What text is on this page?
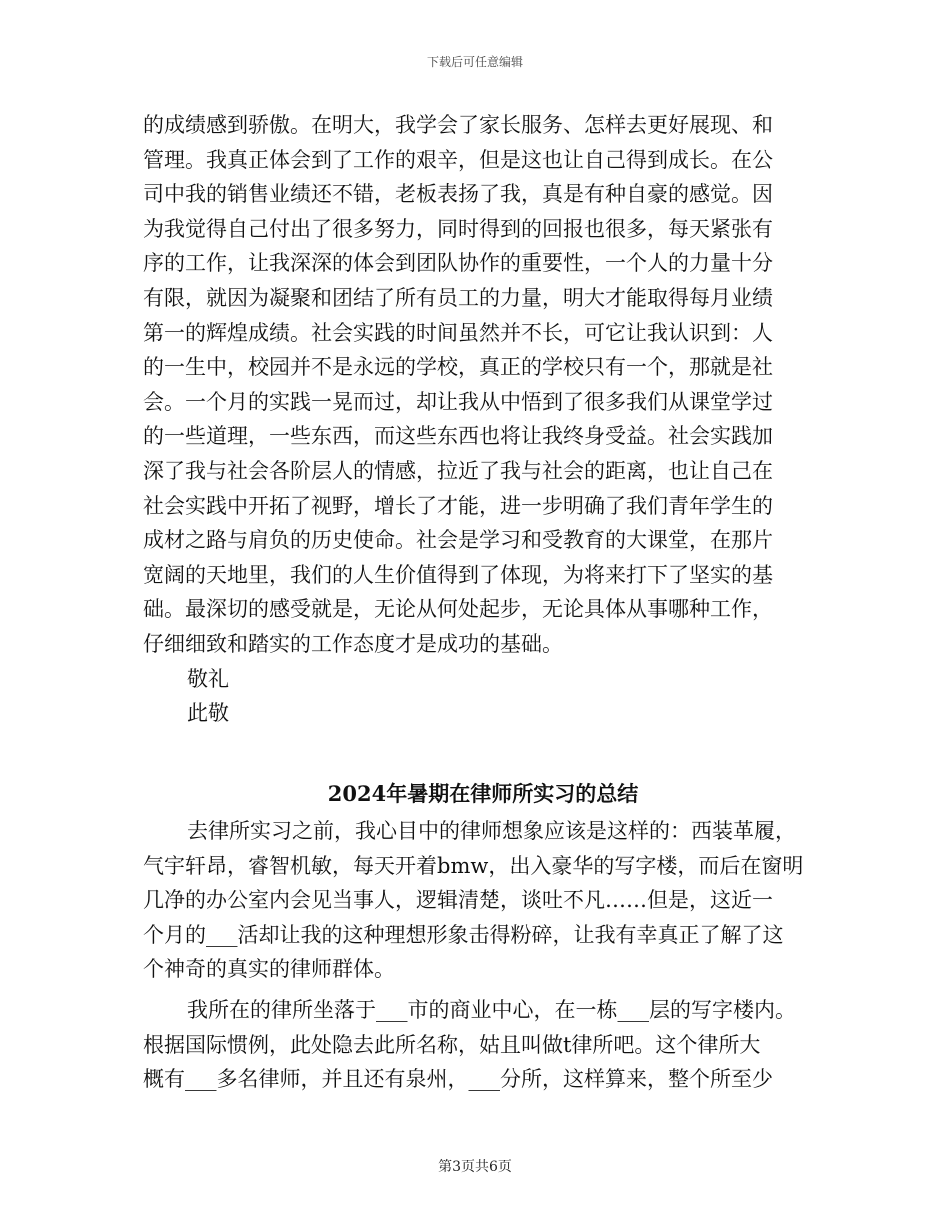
下载后可任意编辑
的成绩感到骄傲。在明大，我学会了家长服务、怎样去更好展现、和
管理。我真正体会到了工作的艰辛，但是这也让自己得到成长。在公
司中我的销售业绩还不错，老板表扬了我，真是有种自豪的感觉。因
为我觉得自己付出了很多努力，同时得到的回报也很多，每天紧张有
序的工作，让我深深的体会到团队协作的重要性，一个人的力量十分
有限，就因为凝聚和团结了所有员工的力量，明大才能取得每月业绩
第一的辉煌成绩。社会实践的时间虽然并不长，可它让我认识到：人
的一生中，校园并不是永远的学校，真正的学校只有一个，那就是社
会。一个月的实践一晃而过，却让我从中悟到了很多我们从课堂学过
的一些道理，一些东西，而这些东西也将让我终身受益。社会实践加
深了我与社会各阶层人的情感，拉近了我与社会的距离，也让自己在
社会实践中开拓了视野，增长了才能，进一步明确了我们青年学生的
成材之路与肩负的历史使命。社会是学习和受教育的大课堂，在那片
宽阔的天地里，我们的人生价值得到了体现，为将来打下了坚实的基
础。最深切的感受就是，无论从何处起步，无论具体从事哪种工作，
仔细细致和踏实的工作态度才是成功的基础。
敬礼
此敬
2024年暑期在律师所实习的总结
去律所实习之前，我心目中的律师想象应该是这样的：西装革履，
气宇轩昂，睿智机敏，每天开着bmw，出入豪华的写字楼，而后在窗明
几净的办公室内会见当事人，逻辑清楚，谈吐不凡……但是，这近一
个月的___活却让我的这种理想形象击得粉碎，让我有幸真正了解了这
个神奇的真实的律师群体。
我所在的律所坐落于___市的商业中心，在一栋___层的写字楼内。
根据国际惯例，此处隐去此所名称，姑且叫做t律所吧。这个律所大
概有___多名律师，并且还有泉州，___分所，这样算来，整个所至少
第3页共6页
